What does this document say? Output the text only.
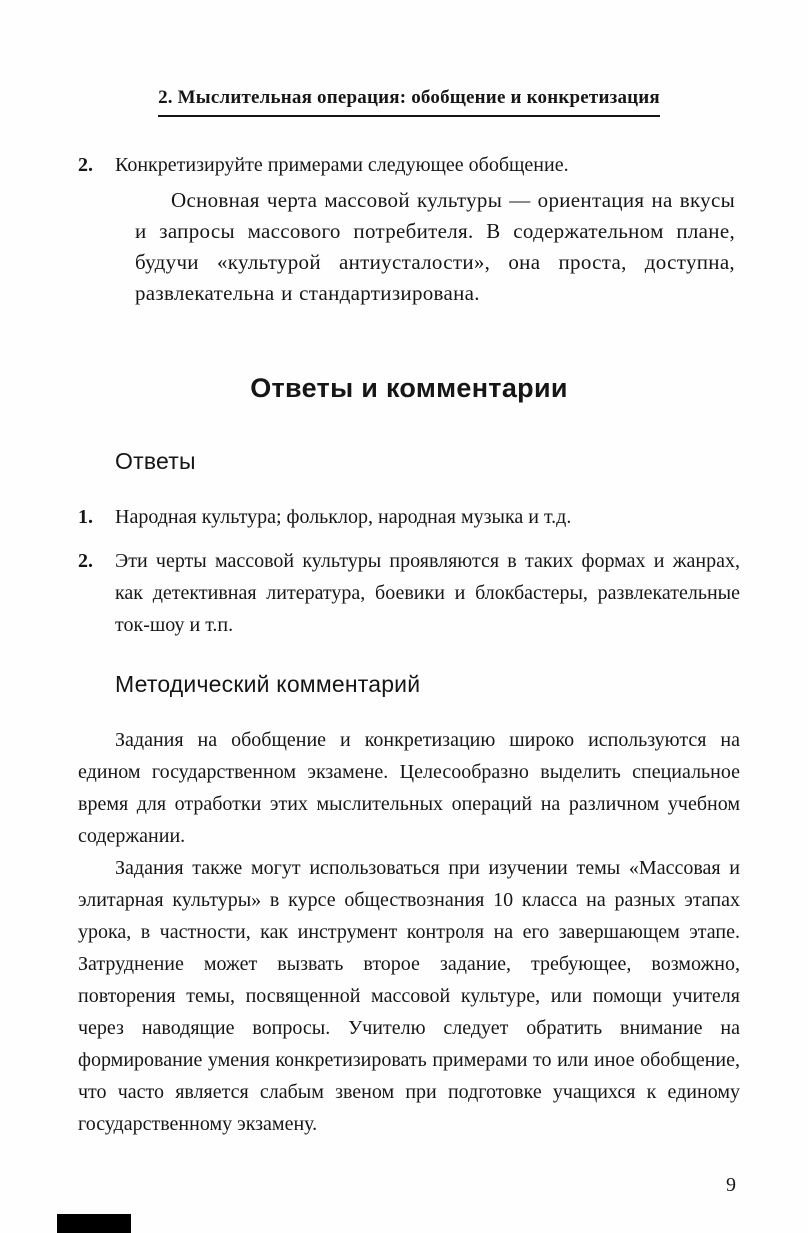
2. Мыслительная операция: обобщение и конкретизация
2.	Конкретизируйте примерами следующее обобщение.

Основная черта массовой культуры — ориентация на вкусы и запросы массового потребителя. В содержательном плане, будучи «культурой антиусталости», она проста, доступна, развлекательна и стандартизирована.

Ответы и комментарии
Ответы
1.	Народная культура; фольклор, народная музыка и т.д.
2.	Эти черты массовой культуры проявляются в таких формах и жанрах, как детективная литература, боевики и блокбастеры, развлекательные ток-шоу и т.п.
Методический комментарий

Задания на обобщение и конкретизацию широко используются на едином государственном экзамене. Целесообразно выделить специальное время для отработки этих мыслительных операций на различном учебном содержании.

Задания также могут использоваться при изучении темы «Массовая и элитарная культуры» в курсе обществознания 10 класса на разных этапах урока, в частности, как инструмент контроля на его завершающем этапе. Затруднение может вызвать второе задание, требующее, возможно, повторения темы, посвященной массовой культуре, или помощи учителя через наводящие вопросы. Учителю следует обратить внимание на формирование умения конкретизировать примерами то или иное обобщение, что часто является слабым звеном при подготовке учащихся к единому государственному экзамену.

9
